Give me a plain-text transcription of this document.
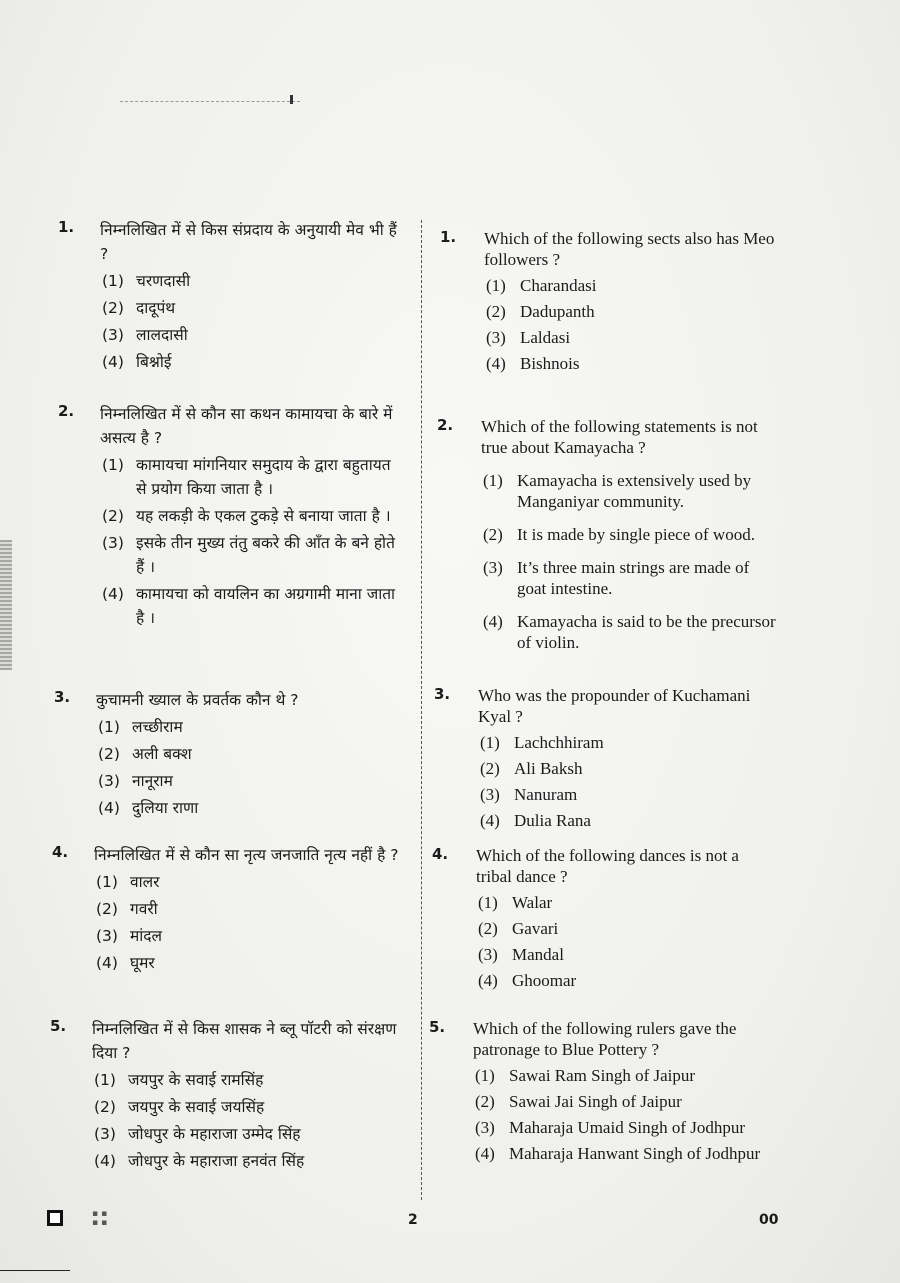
1. निम्नलिखित में से किस संप्रदाय के अनुयायी मेव भी हैं ?
(1) चरणदासी
(2) दादूपंथ
(3) लालदासी
(4) बिश्नोई
2. निम्नलिखित में से कौन सा कथन कामायचा के बारे में असत्य है ?
(1) कामायचा मांगनियार समुदाय के द्वारा बहुतायत से प्रयोग किया जाता है ।
(2) यह लकड़ी के एकल टुकड़े से बनाया जाता है ।
(3) इसके तीन मुख्य तंतु बकरे की आँत के बने होते हैं ।
(4) कामायचा को वायलिन का अग्रगामी माना जाता है ।
3. कुचामनी ख्याल के प्रवर्तक कौन थे ?
(1) लच्छीराम
(2) अली बक्श
(3) नानूराम
(4) दुलिया राणा
4. निम्नलिखित में से कौन सा नृत्य जनजाति नृत्य नहीं है ?
(1) वालर
(2) गवरी
(3) मांदल
(4) घूमर
5. निम्नलिखित में से किस शासक ने ब्लू पॉटरी को संरक्षण दिया ?
(1) जयपुर के सवाई रामसिंह
(2) जयपुर के सवाई जयसिंह
(3) जोधपुर के महाराजा उम्मेद सिंह
(4) जोधपुर के महाराजा हनवंत सिंह
1. Which of the following sects also has Meo followers ?
(1) Charandasi
(2) Dadupanth
(3) Laldasi
(4) Bishnois
2. Which of the following statements is not true about Kamayacha ?
(1) Kamayacha is extensively used by Manganiyar community.
(2) It is made by single piece of wood.
(3) It’s three main strings are made of goat intestine.
(4) Kamayacha is said to be the precursor of violin.
3. Who was the propounder of Kuchamani Kyal ?
(1) Lachchhiram
(2) Ali Baksh
(3) Nanuram
(4) Dulia Rana
4. Which of the following dances is not a tribal dance ?
(1) Walar
(2) Gavari
(3) Mandal
(4) Ghoomar
5. Which of the following rulers gave the patronage to Blue Pottery ?
(1) Sawai Ram Singh of Jaipur
(2) Sawai Jai Singh of Jaipur
(3) Maharaja Umaid Singh of Jodhpur
(4) Maharaja Hanwant Singh of Jodhpur
▪▪
▪▪	2	00
